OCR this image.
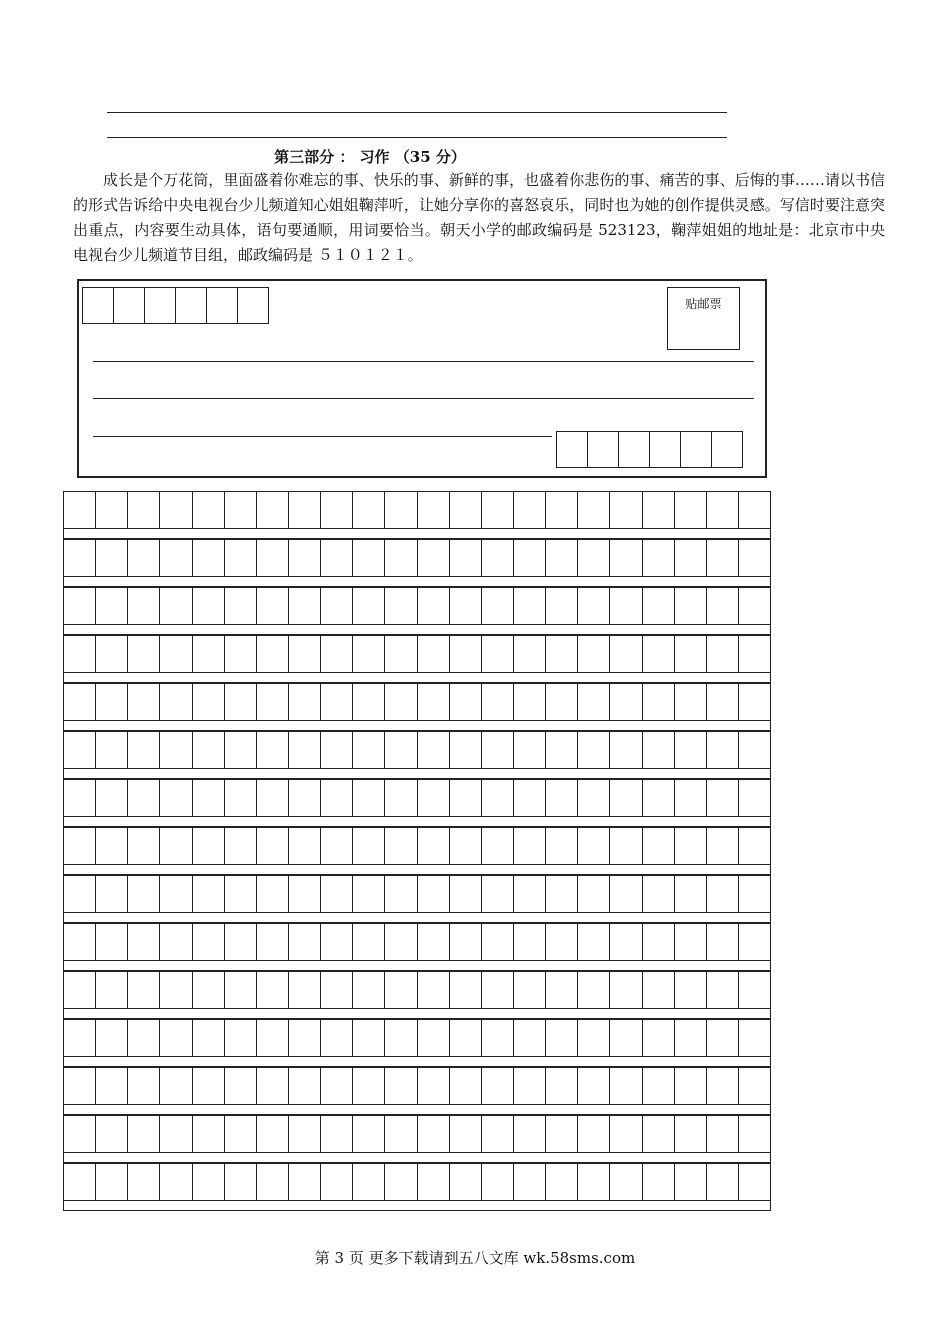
第三部分 ： 习作 （35 分）

成长是个万花筒，里面盛着你难忘的事、快乐的事、新鲜的事，也盛着你悲伤的事、痛苦的事、后悔的事……请以书信的形式告诉给中央电视台少儿频道知心姐姐鞠萍听，让她分享你的喜怒哀乐，同时也为她的创作提供灵感。写信时要注意突出重点，内容要生动具体，语句要通顺，用词要恰当。朝天小学的邮政编码是 523123，鞠萍姐姐的地址是：北京市中央电视台少儿频道节目组，邮政编码是 ５１０１２１。

贴邮票
第 3 页 更多下载请到五八文库 wk.58sms.com
